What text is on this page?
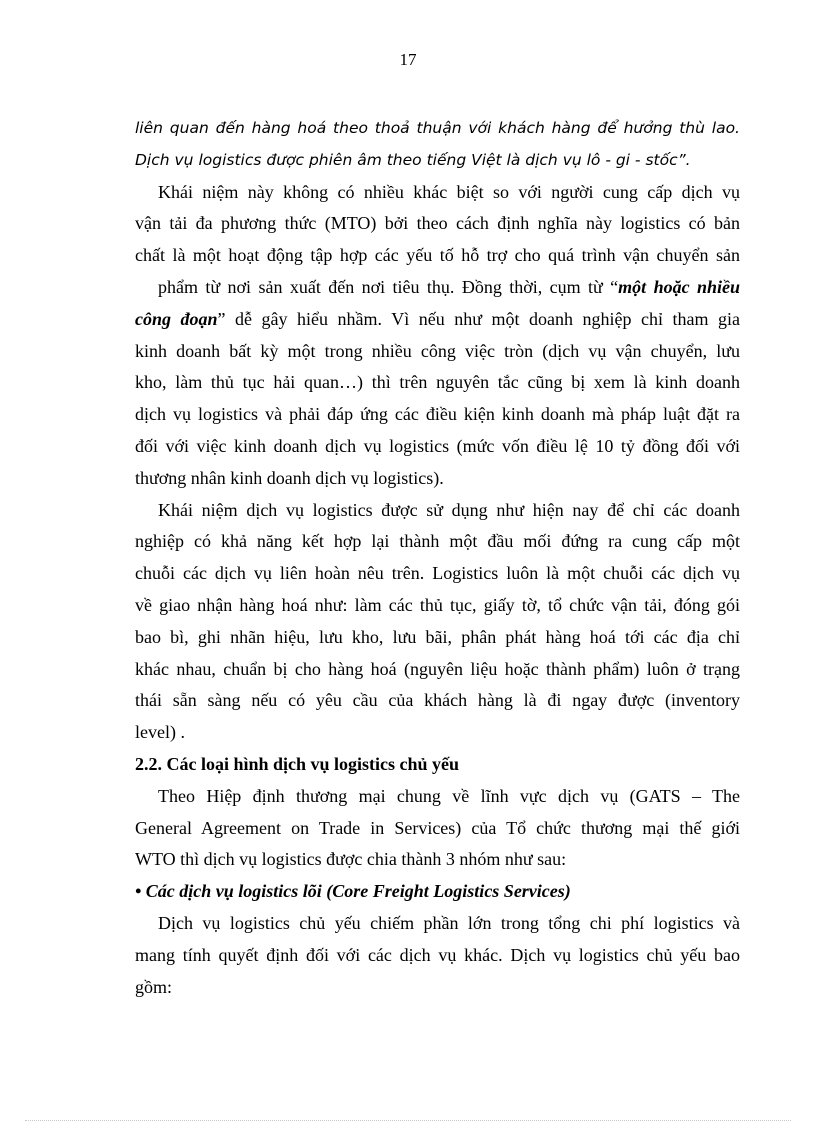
17
liên quan đến hàng hoá theo thoả thuận với khách hàng để hưởng thù lao.
Dịch vụ logistics được phiên âm theo tiếng Việt là dịch vụ lô - gi - stốc”.
Khái niệm này không có nhiều khác biệt so với người cung cấp dịch vụ
vận tải đa phương thức (MTO) bởi theo cách định nghĩa này logistics có bản
chất là một hoạt động tập hợp các yếu tố hỗ trợ cho quá trình vận chuyển sản
phẩm từ nơi sản xuất đến nơi tiêu thụ. Đồng thời, cụm từ “một hoặc nhiều
công đoạn” dễ gây hiểu nhầm. Vì nếu như một doanh nghiệp chỉ tham gia
kinh doanh bất kỳ một trong nhiều công việc tròn (dịch vụ vận chuyển, lưu
kho, làm thủ tục hải quan…) thì trên nguyên tắc cũng bị xem là kinh doanh
dịch vụ logistics và phải đáp ứng các điều kiện kinh doanh mà pháp luật đặt ra
đối với việc kinh doanh dịch vụ logistics (mức vốn điều lệ 10 tỷ đồng đối với
thương nhân kinh doanh dịch vụ logistics).
Khái niệm dịch vụ logistics được sử dụng như hiện nay để chỉ các doanh
nghiệp có khả năng kết hợp lại thành một đầu mối đứng ra cung cấp một
chuỗi các dịch vụ liên hoàn nêu trên. Logistics luôn là một chuỗi các dịch vụ
về giao nhận hàng hoá như: làm các thủ tục, giấy tờ, tổ chức vận tải, đóng gói
bao bì, ghi nhãn hiệu, lưu kho, lưu bãi, phân phát hàng hoá tới các địa chỉ
khác nhau, chuẩn bị cho hàng hoá (nguyên liệu hoặc thành phẩm) luôn ở trạng
thái sẵn sàng nếu có yêu cầu của khách hàng là đi ngay được (inventory
level) .
2.2. Các loại hình dịch vụ logistics chủ yếu
Theo Hiệp định thương mại chung về lĩnh vực dịch vụ (GATS – The
General Agreement on Trade in Services) của Tổ chức thương mại thế giới
WTO thì dịch vụ logistics được chia thành 3 nhóm như sau:
• Các dịch vụ logistics lõi (Core Freight Logistics Services)
Dịch vụ logistics chủ yếu chiếm phần lớn trong tổng chi phí logistics và
mang tính quyết định đối với các dịch vụ khác. Dịch vụ logistics chủ yếu bao
gồm:
